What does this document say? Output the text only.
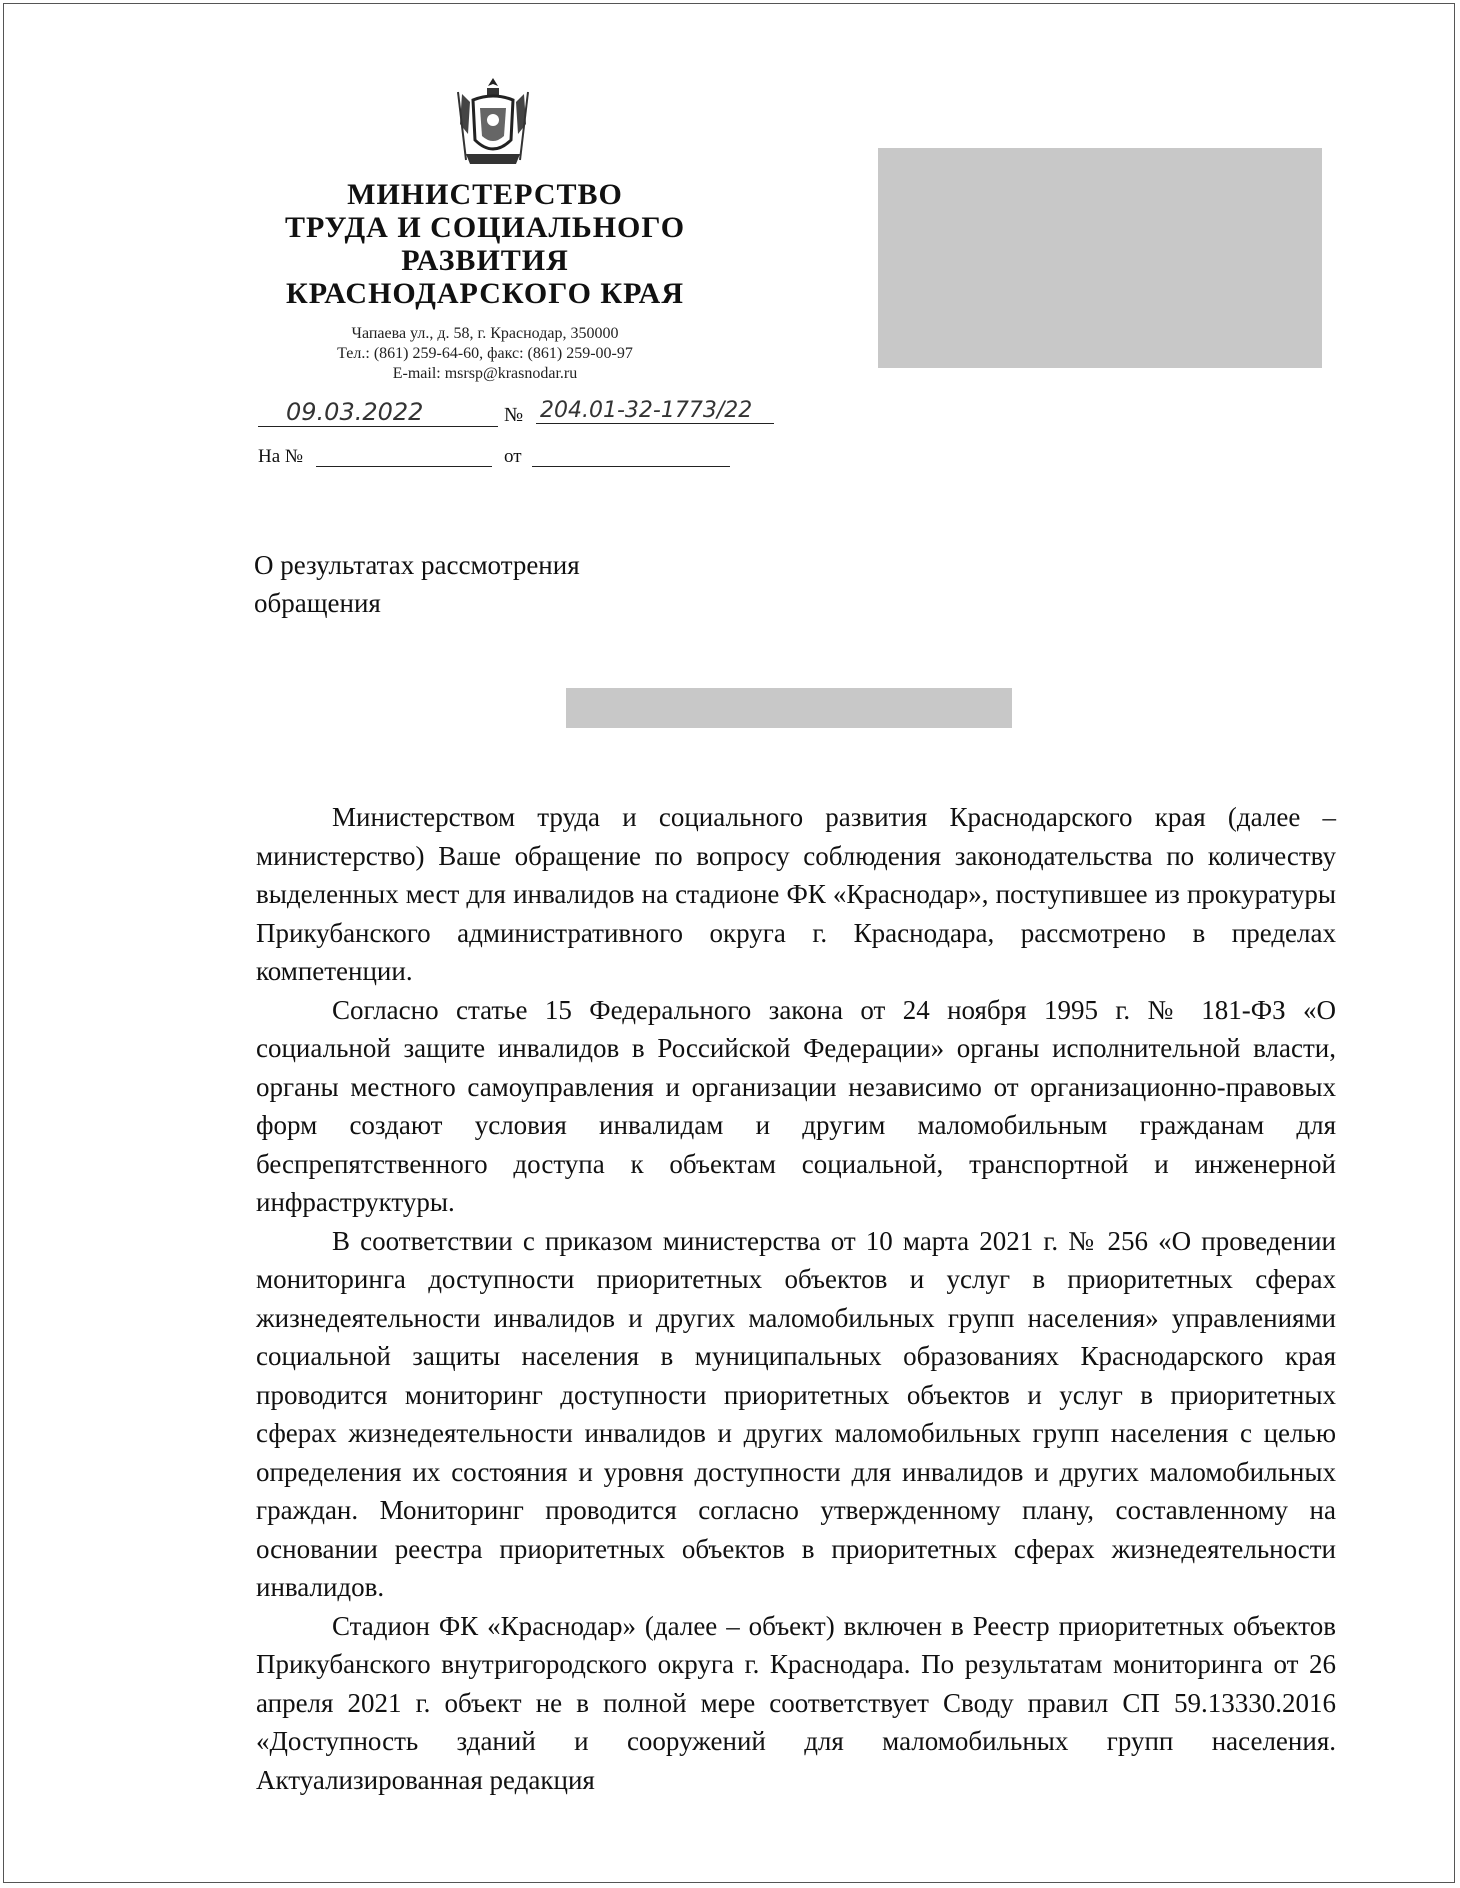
МИНИСТЕРСТВО
ТРУДА И СОЦИАЛЬНОГО
РАЗВИТИЯ
КРАСНОДАРСКОГО КРАЯ
Чапаева ул., д. 58, г. Краснодар, 350000
Тел.: (861) 259-64-60, факс: (861) 259-00-97
E-mail: msrsp@krasnodar.ru
09.03.2022	№ 204.01-32-1773/22
На №	от
О результатах рассмотрения
обращения

Министерством труда и социального развития Краснодарского края (далее – министерство) Ваше обращение по вопросу соблюдения законодательства по количеству выделенных мест для инвалидов на стадионе ФК «Краснодар», поступившее из прокуратуры Прикубанского административного округа г. Краснодара, рассмотрено в пределах компетенции.

Согласно статье 15 Федерального закона от 24 ноября 1995 г. № 181-ФЗ «О социальной защите инвалидов в Российской Федерации» органы исполнительной власти, органы местного самоуправления и организации независимо от организационно-правовых форм создают условия инвалидам и другим маломобильным гражданам для беспрепятственного доступа к объектам социальной, транспортной и инженерной инфраструктуры.

В соответствии с приказом министерства от 10 марта 2021 г. № 256 «О проведении мониторинга доступности приоритетных объектов и услуг в приоритетных сферах жизнедеятельности инвалидов и других маломобильных групп населения» управлениями социальной защиты населения в муниципальных образованиях Краснодарского края проводится мониторинг доступности приоритетных объектов и услуг в приоритетных сферах жизнедеятельности инвалидов и других маломобильных групп населения с целью определения их состояния и уровня доступности для инвалидов и других маломобильных граждан. Мониторинг проводится согласно утвержденному плану, составленному на основании реестра приоритетных объектов в приоритетных сферах жизнедеятельности инвалидов.

Стадион ФК «Краснодар» (далее – объект) включен в Реестр приоритетных объектов Прикубанского внутригородского округа г. Краснодара. По результатам мониторинга от 26 апреля 2021 г. объект не в полной мере соответствует Своду правил СП 59.13330.2016 «Доступность зданий и сооружений для маломобильных групп населения. Актуализированная редакция
